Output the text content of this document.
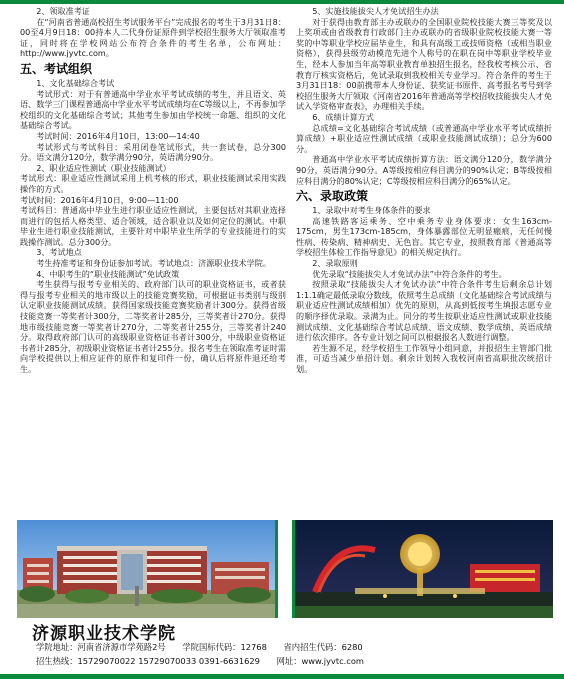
2、领取准考证

在“河南省普通高校招生考试服务平台”完成报名的考生于3月31日8：00至4月9日18：00持本人二代身份证原件到学校招生服务大厅领取准考证，同时将在学校网站公布符合条件的考生名单，公布网址：http://www.jyvtc.com。

五、考试组织

1、文化基础综合考试

考试形式：对于有普通高中学业水平考试成绩的考生，并且语文、英语、数学三门课程普通高中学业水平考试成绩均在C等级以上，不再参加学校组织的文化基础综合考试；其他考生参加由学校统一命题、组织的文化基础综合考试。

考试时间：2016年4月10日，13:00—14:40

考试形式与考试科目：采用闭卷笔试形式，共一套试卷，总分300分。语文满分120分，数学满分90分，英语满分90分。

2、职业适应性测试（职业技能测试）

考试形式：职业适应性测试采用上机考核的形式，职业技能测试采用实践操作的方式。

考试时间：2016年4月10日，9:00—11:00

考试科目：普通高中毕业生进行职业适应性测试，主要包括对其职业选择而进行的包括人格类型、适合领域，适合职业以及如何定位的测试。中职毕业生进行职业技能测试，主要针对中职毕业生所学的专业技能进行的实践操作测试。总分300分。

3、考试地点

考生持准考证和身份证参加考试。考试地点：济源职业技术学院。

4、中职考生的“职业技能测试”免试政策

考生获得与报考专业相关的、政府部门认可的职业资格证书，或者获得与报考专业相关的地市级以上的技能竞赛奖励，可根据证书类别与级别认定职业技能测试成绩。获得国家级技能竞赛奖励者计300分。获得省级技能竞赛一等奖者计300分，二等奖者计285分，三等奖者计270分。获得地市级技能竞赛一等奖者计270分，二等奖者计255分，三等奖者计240分。取得政府部门认可的高级职业资格证书者计300分，中级职业资格证书者计285分，初级职业资格证书者计255分。报名考生在领取准考证时需向学校提供以上相应证件的原件和复印件一份，确认后将原件退还给考生。

5、实施技能拔尖人才免试招生办法

对于获得由教育部主办或联办的全国职业院校技能大赛三等奖及以上奖项或由省级教育行政部门主办或联办的省级职业院校技能大赛一等奖的中等职业学校应届毕业生，和具有高级工或技师资格（或相当职业资格），获得县级劳动模范先进个人称号的在职在岗中等职业学校毕业生，经本人参加当年高等职业教育单独招生报名，经我校考核公示、省教育厅核实资格后，免试录取到我校相关专业学习。符合条件的考生于3月31日18：00前携带本人身份证、获奖证书原件、高考报名考号到学校招生服务大厅领取《河南省2016年普通高等学校招收技能拔尖人才免试入学资格审查表》，办理相关手续。

6、成绩计算方式

总成绩=文化基础综合考试成绩（或普通高中学业水平考试成绩折算成绩）+职业适应性测试成绩（或职业技能测试成绩）；总分为600分。

普通高中学业水平考试成绩折算方法：语文满分120分，数学满分90分，英语满分90分。A等级按相应科目满分的90%认定；B等级按相应科目满分的80%认定；C等级按相应科目满分的65%认定。

六、录取政策

1、录取中对考生身体条件的要求

高速铁路客运乘务、空中乘务专业身体要求：女生163cm-175cm，男生173cm-185cm，身体暴露部位无明显瘢痕，无任何慢性病、传染病、精神病史、无色盲。其它专业，按照教育部《普通高等学校招生体检工作指导意见》的相关规定执行。

2、录取原则

优先录取“技能拔尖人才免试办法”中符合条件的考生。

按照录取“技能拔尖人才免试办法”中符合条件考生后剩余总计划1:1.1确定最低录取分数线，依照考生总成绩（文化基础综合考试成绩与职业适应性测试成绩相加）优先的原则，从高到低按考生填报志愿专业的顺序择优录取。录满为止。同分的考生按职业适应性测试或职业技能测试成绩、文化基础综合考试总成绩、语文成绩、数学成绩、英语成绩进行依次排序。各专业计划之间可以根据报名人数进行调整。

若生源不足，经学校招生工作领导小组同意，并报招生主管部门批准，可适当减少单招计划。剩余计划转入我校河南省高职批次统招计划。

济源职业技术学院
学院地址：河南省济源市学苑路2号 学院国标代码：12768 省内招生代码：6280
招生热线：15729070022 15729070033 0391-6631629 网址：www.jyvtc.com
